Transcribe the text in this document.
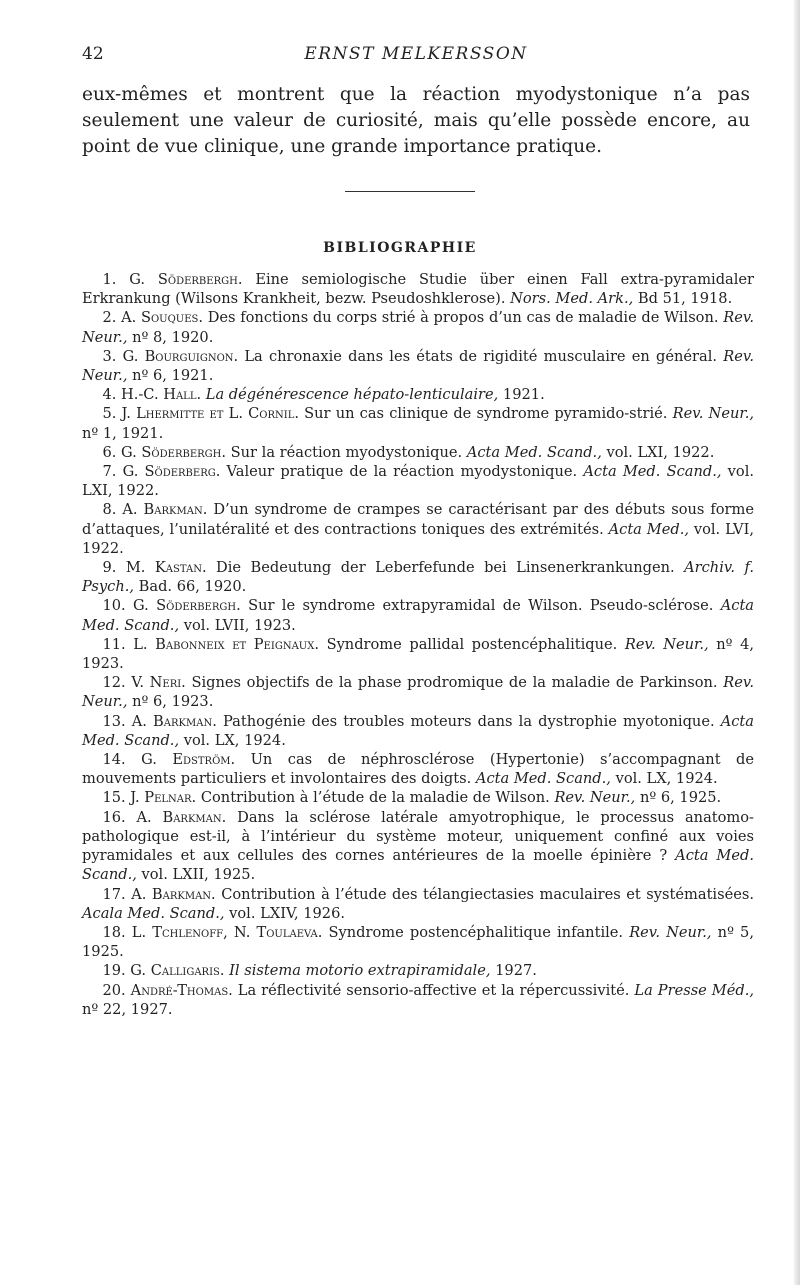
42	ERNST MELKERSSON

eux-mêmes et montrent que la réaction myodystonique n’a pas seulement une valeur de curiosité, mais qu’elle possède encore, au point de vue clinique, une grande importance pratique.

BIBLIOGRAPHIE
1. G. Söderbergh. Eine semiologische Studie über einen Fall extra-pyramidaler Erkrankung (Wilsons Krankheit, bezw. Pseudoshklerose). Nors. Med. Ark., Bd 51, 1918.
2. A. Souques. Des fonctions du corps strié à propos d’un cas de maladie de Wilson. Rev. Neur., nº 8, 1920.
3. G. Bourguignon. La chronaxie dans les états de rigidité musculaire en général. Rev. Neur., nº 6, 1921.
4. H.-C. Hall. La dégénérescence hépato-lenticulaire, 1921.
5. J. Lhermitte et L. Cornil. Sur un cas clinique de syndrome pyramido-strié. Rev. Neur., nº 1, 1921.
6. G. Söderbergh. Sur la réaction myodystonique. Acta Med. Scand., vol. LXI, 1922.
7. G. Söderberg. Valeur pratique de la réaction myodystonique. Acta Med. Scand., vol. LXI, 1922.
8. A. Barkman. D’un syndrome de crampes se caractérisant par des débuts sous forme d’attaques, l’unilatéralité et des contractions toniques des extrémités. Acta Med., vol. LVI, 1922.
9. M. Kastan. Die Bedeutung der Leberfefunde bei Linsenerkrankungen. Archiv. f. Psych., Bad. 66, 1920.
10. G. Söderbergh. Sur le syndrome extrapyramidal de Wilson. Pseudo-sclérose. Acta Med. Scand., vol. LVII, 1923.
11. L. Babonneix et Peignaux. Syndrome pallidal postencéphalitique. Rev. Neur., nº 4, 1923.
12. V. Neri. Signes objectifs de la phase prodromique de la maladie de Parkinson. Rev. Neur., nº 6, 1923.
13. A. Barkman. Pathogénie des troubles moteurs dans la dystrophie myotonique. Acta Med. Scand., vol. LX, 1924.
14. G. Edström. Un cas de néphrosclérose (Hypertonie) s’accompagnant de mouvements particuliers et involontaires des doigts. Acta Med. Scand., vol. LX, 1924.
15. J. Pelnar. Contribution à l’étude de la maladie de Wilson. Rev. Neur., nº 6, 1925.
16. A. Barkman. Dans la sclérose latérale amyotrophique, le processus anatomo-pathologique est-il, à l’intérieur du système moteur, uniquement confiné aux voies pyramidales et aux cellules des cornes antérieures de la moelle épinière ? Acta Med. Scand., vol. LXII, 1925.
17. A. Barkman. Contribution à l’étude des télangiectasies maculaires et systématisées. Acala Med. Scand., vol. LXIV, 1926.
18. L. Tchlenoff, N. Toulaeva. Syndrome postencéphalitique infantile. Rev. Neur., nº 5, 1925.
19. G. Calligaris. Il sistema motorio extrapiramidale, 1927.
20. André-Thomas. La réflectivité sensorio-affective et la répercussivité. La Presse Méd., nº 22, 1927.
